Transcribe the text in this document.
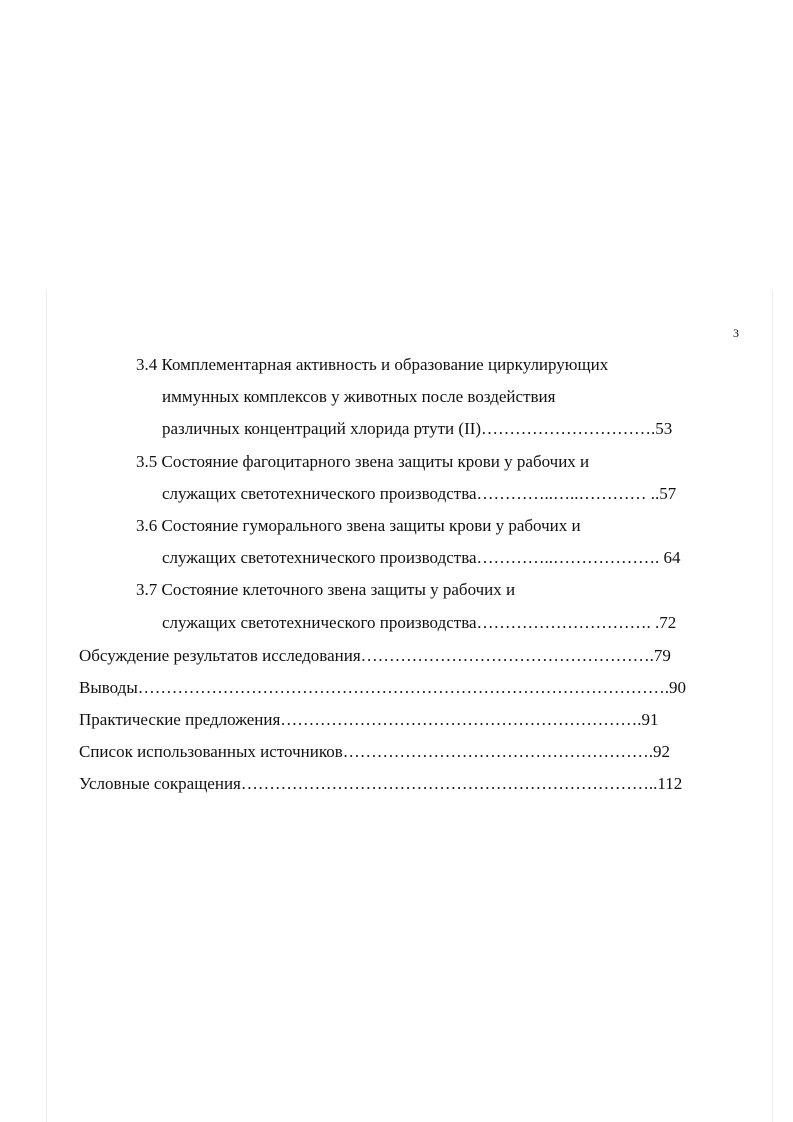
3
3.4 Комплементарная активность и образование циркулирующих
иммунных комплексов у животных после воздействия
различных концентраций хлорида ртути (II)………………………….53
3.5 Состояние фагоцитарного звена защиты крови у рабочих и
служащих светотехнического производства…………..…..………… ..57
3.6 Состояние гуморального звена защиты крови у рабочих и
служащих светотехнического производства…………..………………. 64
3.7 Состояние клеточного звена защиты у рабочих и
служащих светотехнического производства…………………………. .72
Обсуждение результатов исследования…………………………………………….79
Выводы………………………………………………………………………………….90
Практические предложения……………………………………………………….91
Список использованных источников……………………………………………….92
Условные сокращения………………………………………………………………..112
